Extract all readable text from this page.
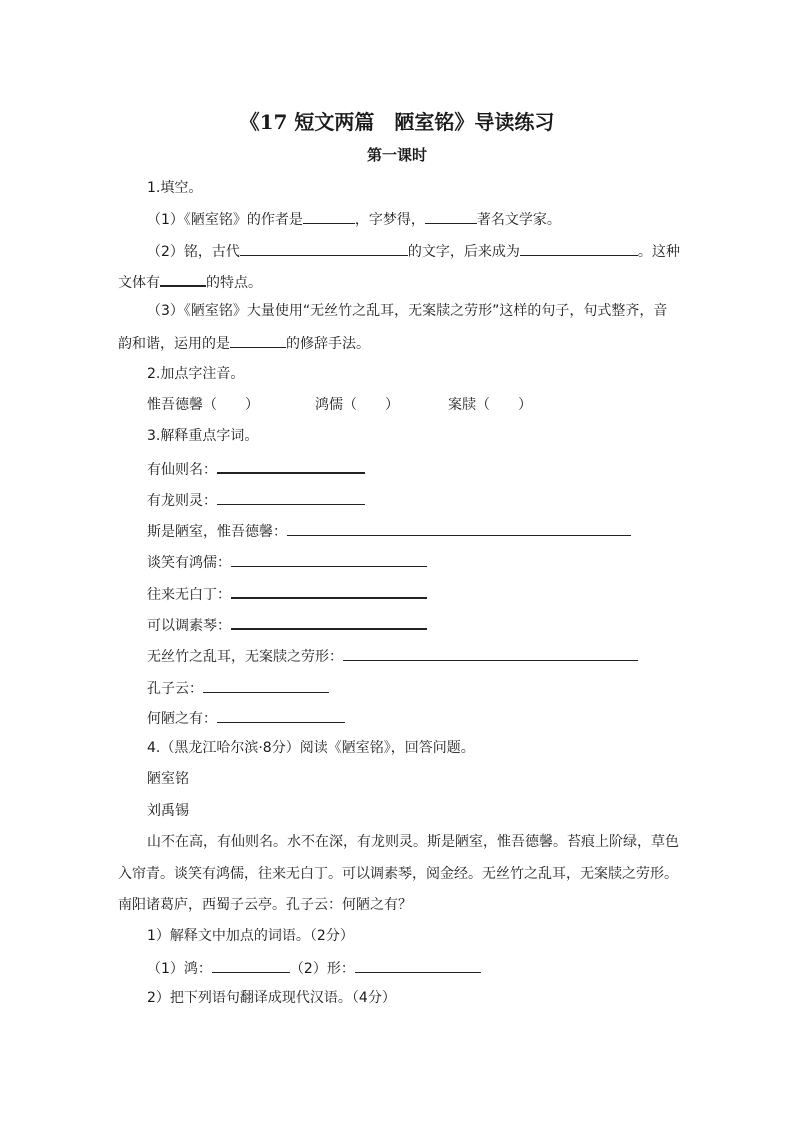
《17 短文两篇　陋室铭》导读练习
第一课时
1.填空。
（1）《陋室铭》的作者是	，字梦得，	著名文学家。
（2）铭，古代	的文字，后来成为	。这种
文体有	的特点。
（3）《陋室铭》大量使用“无丝竹之乱耳，无案牍之劳形”这样的句子，句式整齐，音
韵和谐，运用的是	的修辞手法。
2.加点字注音。
惟吾德馨（　　）	鸿儒（　　）	案牍（　　）
3.解释重点字词。
有仙则名：
有龙则灵：
斯是陋室，惟吾德馨：
谈笑有鸿儒：
往来无白丁：
可以调素琴：
无丝竹之乱耳，无案牍之劳形：
孔子云：
何陋之有：
4.（黑龙江哈尔滨·8分）阅读《陋室铭》，回答问题。
陋室铭
刘禹锡
山不在高，有仙则名。水不在深，有龙则灵。斯是陋室，惟吾德馨。苔痕上阶绿，草色
入帘青。谈笑有鸿儒，往来无白丁。可以调素琴，阅金经。无丝竹之乱耳，无案牍之劳形。
南阳诸葛庐，西蜀子云亭。孔子云：何陋之有？
1）解释文中加点的词语。（2分）
（1）鸿：	（2）形：
2）把下列语句翻译成现代汉语。（4分）
